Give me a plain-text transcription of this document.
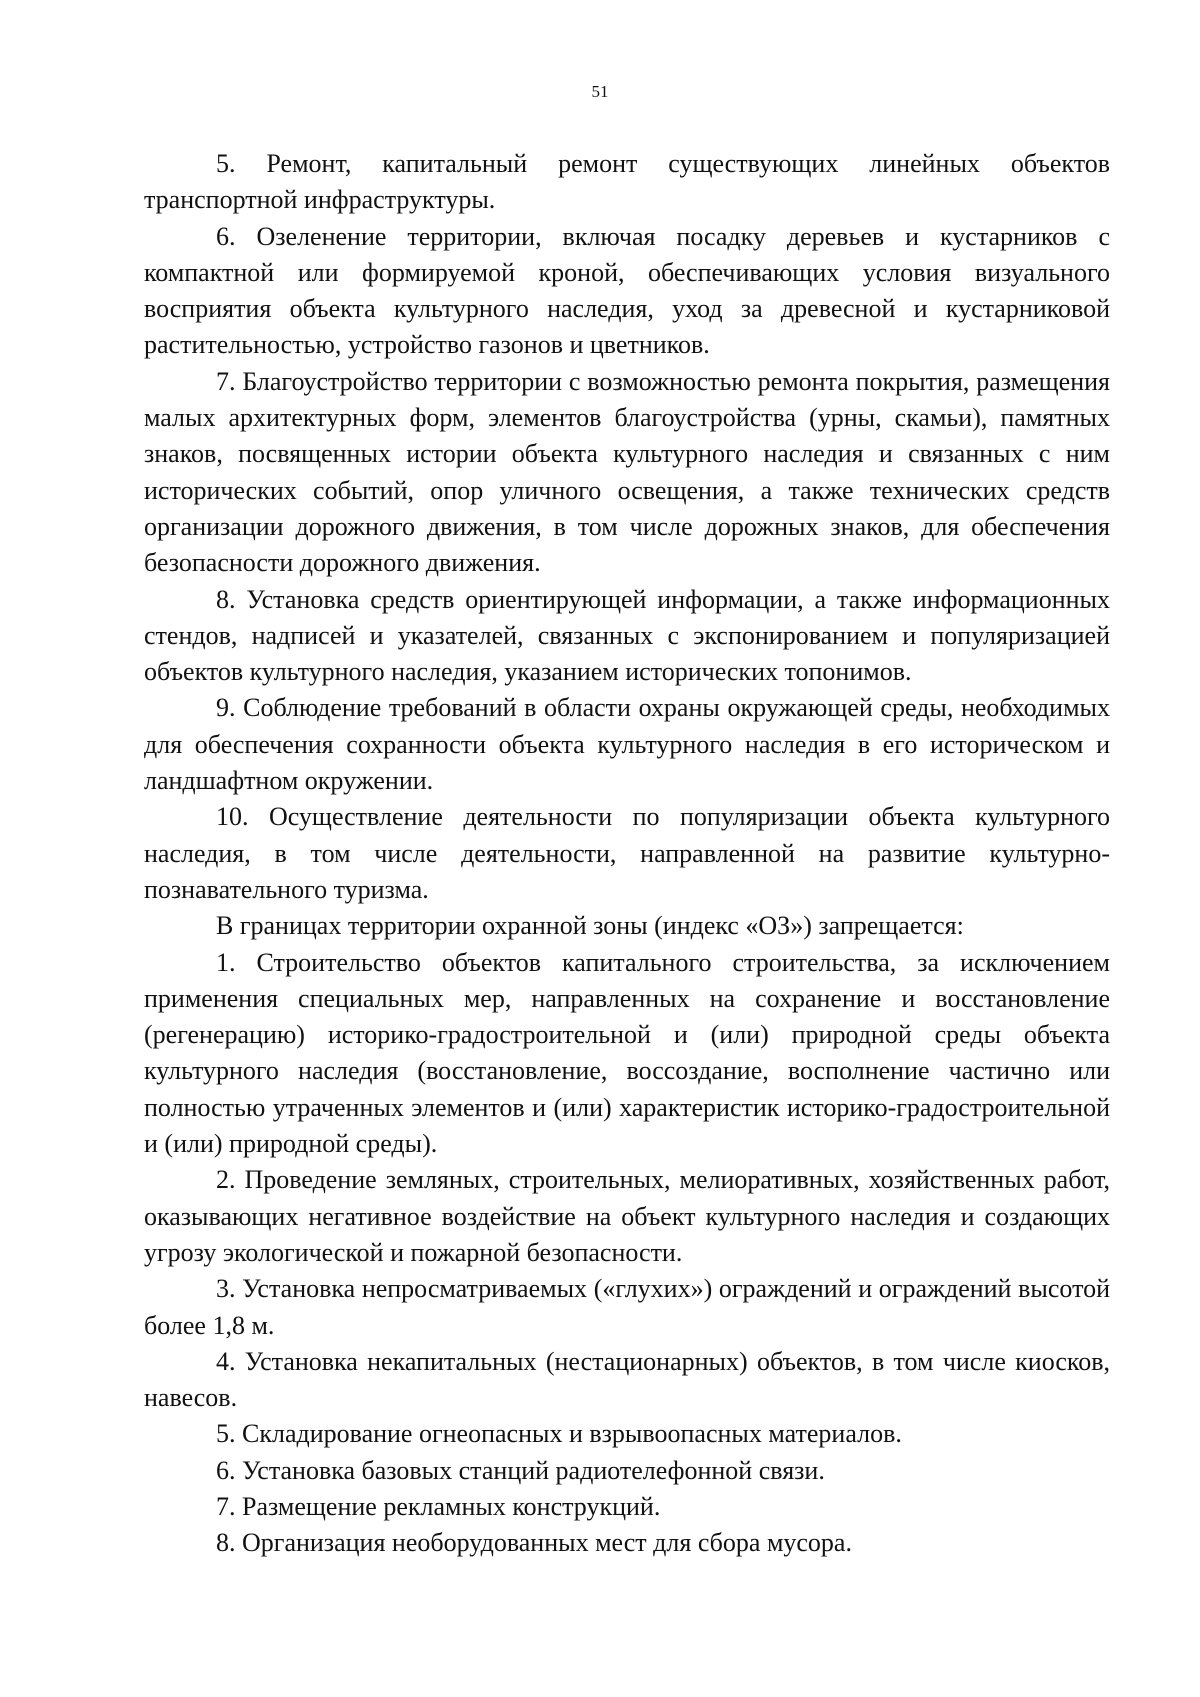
51

5. Ремонт, капитальный ремонт существующих линейных объектов транспортной инфраструктуры.

6. Озеленение территории, включая посадку деревьев и кустарников с компактной или формируемой кроной, обеспечивающих условия визуального восприятия объекта культурного наследия, уход за древесной и кустарниковой растительностью, устройство газонов и цветников.

7. Благоустройство территории с возможностью ремонта покрытия, размещения малых архитектурных форм, элементов благоустройства (урны, скамьи), памятных знаков, посвященных истории объекта культурного наследия и связанных с ним исторических событий, опор уличного освещения, а также технических средств организации дорожного движения, в том числе дорожных знаков, для обеспечения безопасности дорожного движения.

8. Установка средств ориентирующей информации, а также информационных стендов, надписей и указателей, связанных с экспонированием и популяризацией объектов культурного наследия, указанием исторических топонимов.

9. Соблюдение требований в области охраны окружающей среды, необходимых для обеспечения сохранности объекта культурного наследия в его историческом и ландшафтном окружении.

10. Осуществление деятельности по популяризации объекта культурного наследия, в том числе деятельности, направленной на развитие культурно-познавательного туризма.

В границах территории охранной зоны (индекс «ОЗ») запрещается:

1. Строительство объектов капитального строительства, за исключением применения специальных мер, направленных на сохранение и восстановление (регенерацию) историко-градостроительной и (или) природной среды объекта культурного наследия (восстановление, воссоздание, восполнение частично или полностью утраченных элементов и (или) характеристик историко-градостроительной и (или) природной среды).

2. Проведение земляных, строительных, мелиоративных, хозяйственных работ, оказывающих негативное воздействие на объект культурного наследия и создающих угрозу экологической и пожарной безопасности.

3. Установка непросматриваемых («глухих») ограждений и ограждений высотой более 1,8 м.

4. Установка некапитальных (нестационарных) объектов, в том числе киосков, навесов.

5. Складирование огнеопасных и взрывоопасных материалов.

6. Установка базовых станций радиотелефонной связи.

7. Размещение рекламных конструкций.

8. Организация необорудованных мест для сбора мусора.
